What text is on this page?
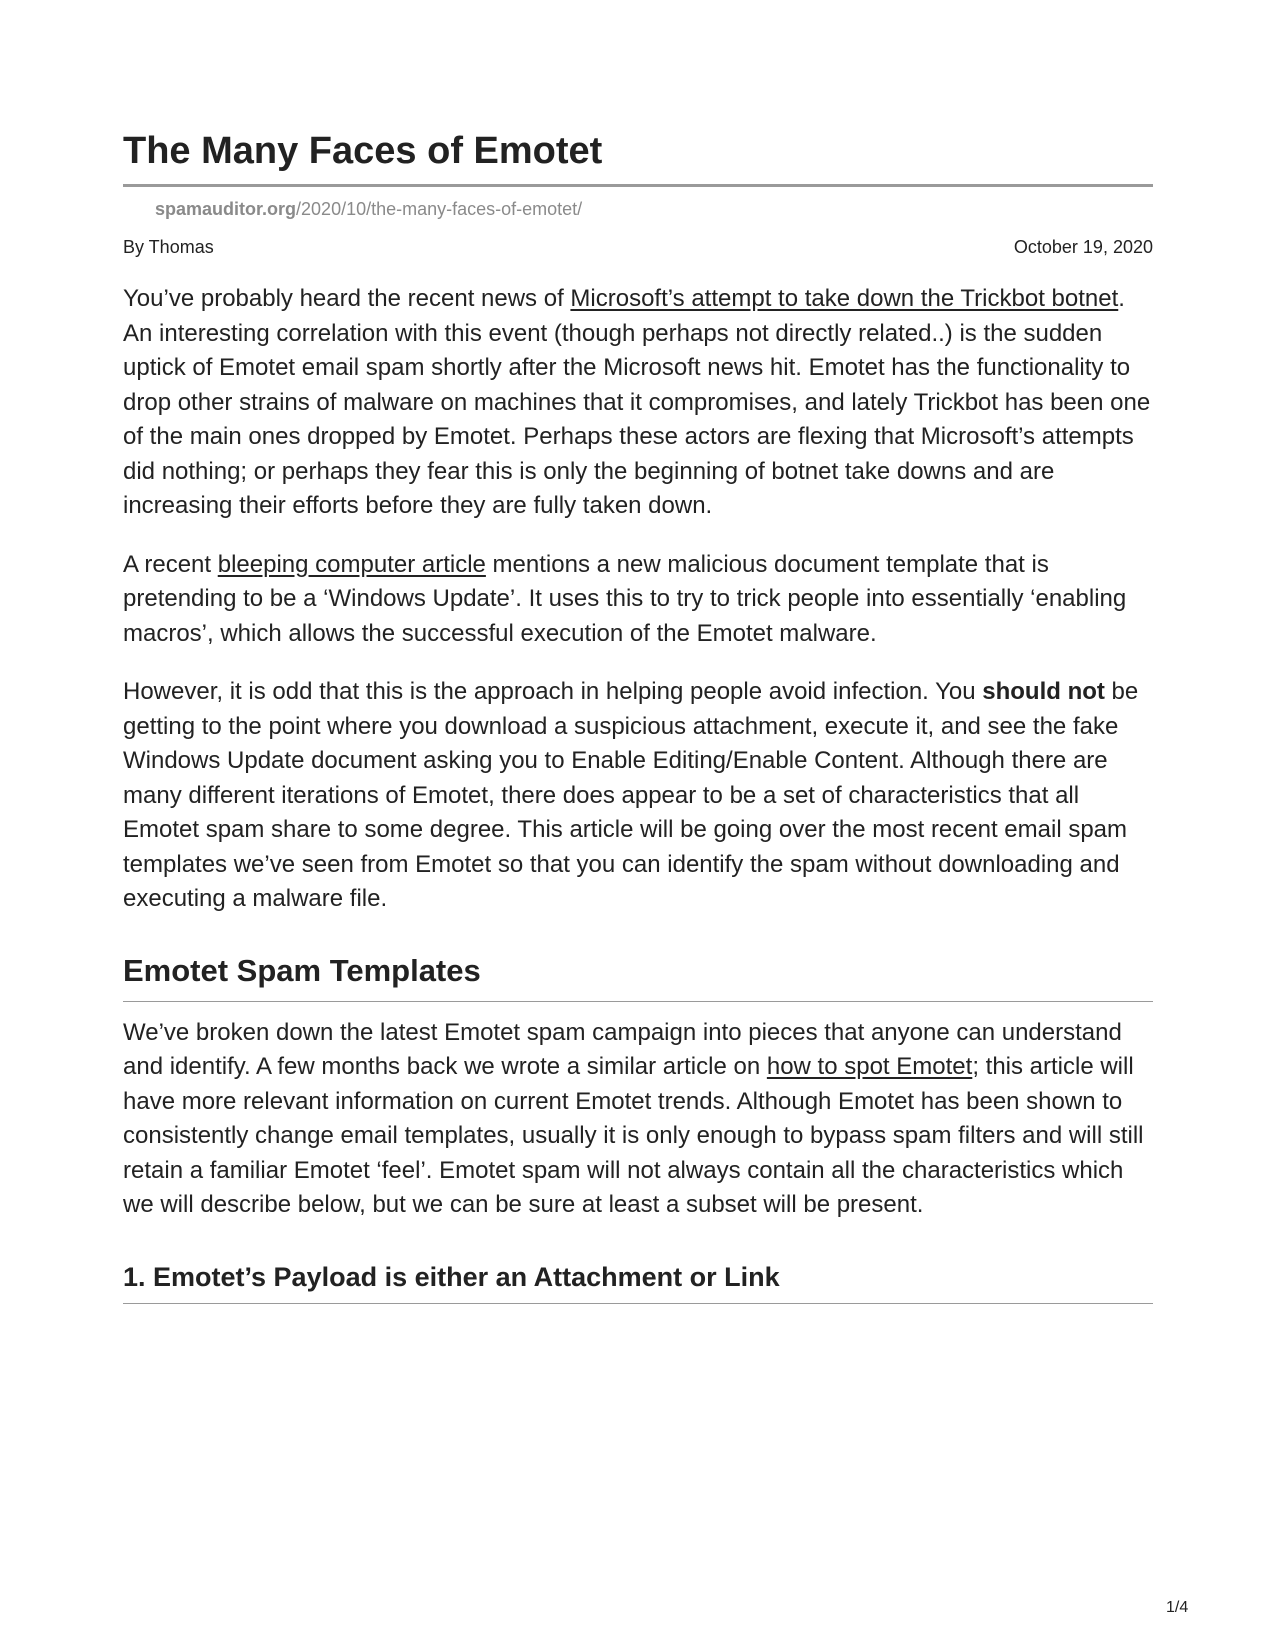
The Many Faces of Emotet
spamauditor.org/2020/10/the-many-faces-of-emotet/
By Thomas	October 19, 2020

You’ve probably heard the recent news of Microsoft’s attempt to take down the Trickbot botnet. An interesting correlation with this event (though perhaps not directly related..) is the sudden uptick of Emotet email spam shortly after the Microsoft news hit. Emotet has the functionality to drop other strains of malware on machines that it compromises, and lately Trickbot has been one of the main ones dropped by Emotet. Perhaps these actors are flexing that Microsoft’s attempts did nothing; or perhaps they fear this is only the beginning of botnet take downs and are increasing their efforts before they are fully taken down.

A recent bleeping computer article mentions a new malicious document template that is pretending to be a ‘Windows Update’. It uses this to try to trick people into essentially ‘enabling macros’, which allows the successful execution of the Emotet malware.

However, it is odd that this is the approach in helping people avoid infection. You should not be getting to the point where you download a suspicious attachment, execute it, and see the fake Windows Update document asking you to Enable Editing/Enable Content. Although there are many different iterations of Emotet, there does appear to be a set of characteristics that all Emotet spam share to some degree. This article will be going over the most recent email spam templates we’ve seen from Emotet so that you can identify the spam without downloading and executing a malware file.

Emotet Spam Templates

We’ve broken down the latest Emotet spam campaign into pieces that anyone can understand and identify. A few months back we wrote a similar article on how to spot Emotet; this article will have more relevant information on current Emotet trends. Although Emotet has been shown to consistently change email templates, usually it is only enough to bypass spam filters and will still retain a familiar Emotet ‘feel’. Emotet spam will not always contain all the characteristics which we will describe below, but we can be sure at least a subset will be present.

1. Emotet’s Payload is either an Attachment or Link
1/4
